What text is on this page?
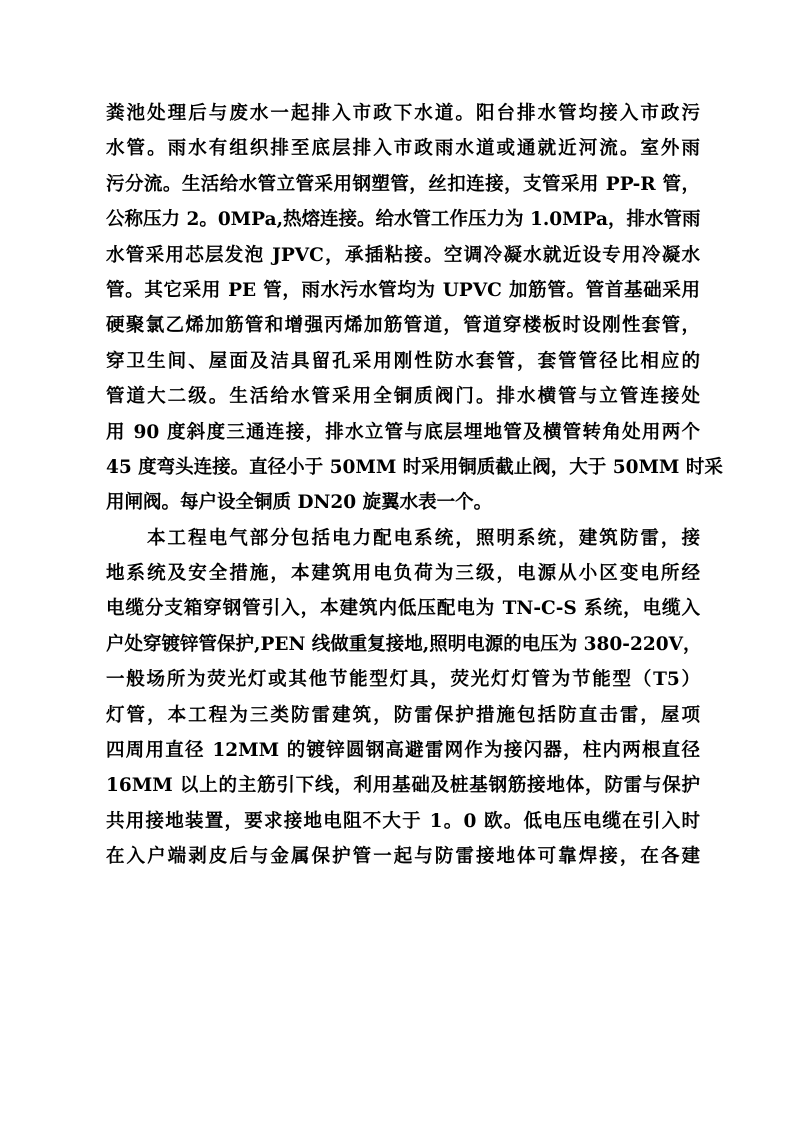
粪池处理后与废水一起排入市政下水道。阳台排水管均接入市政污
水管。雨水有组织排至底层排入市政雨水道或通就近河流。室外雨
污分流。生活给水管立管采用钢塑管，丝扣连接，支管采用 PP-R 管，
公称压力 2。0MPa,热熔连接。给水管工作压力为 1.0MPa，排水管雨
水管采用芯层发泡 JPVC，承插粘接。空调冷凝水就近设专用冷凝水
管。其它采用 PE 管，雨水污水管均为 UPVC 加筋管。管首基础采用
硬聚氯乙烯加筋管和增强丙烯加筋管道，管道穿楼板时设刚性套管，
穿卫生间、屋面及洁具留孔采用刚性防水套管，套管管径比相应的
管道大二级。生活给水管采用全铜质阀门。排水横管与立管连接处
用 90 度斜度三通连接，排水立管与底层埋地管及横管转角处用两个
45 度弯头连接。直径小于 50MM 时采用铜质截止阀，大于 50MM 时采
用闸阀。每户设全铜质 DN20 旋翼水表一个。
本工程电气部分包括电力配电系统，照明系统，建筑防雷，接
地系统及安全措施，本建筑用电负荷为三级，电源从小区变电所经
电缆分支箱穿钢管引入，本建筑内低压配电为 TN-C-S 系统，电缆入
户处穿镀锌管保护,PEN 线做重复接地,照明电源的电压为 380-220V，
一般场所为荧光灯或其他节能型灯具，荧光灯灯管为节能型（T5）
灯管，本工程为三类防雷建筑，防雷保护措施包括防直击雷，屋项
四周用直径 12MM 的镀锌圆钢高避雷网作为接闪器，柱内两根直径
16MM 以上的主筋引下线，利用基础及桩基钢筋接地体，防雷与保护
共用接地装置，要求接地电阻不大于 1。0 欧。低电压电缆在引入时
在入户端剥皮后与金属保护管一起与防雷接地体可靠焊接，在各建
